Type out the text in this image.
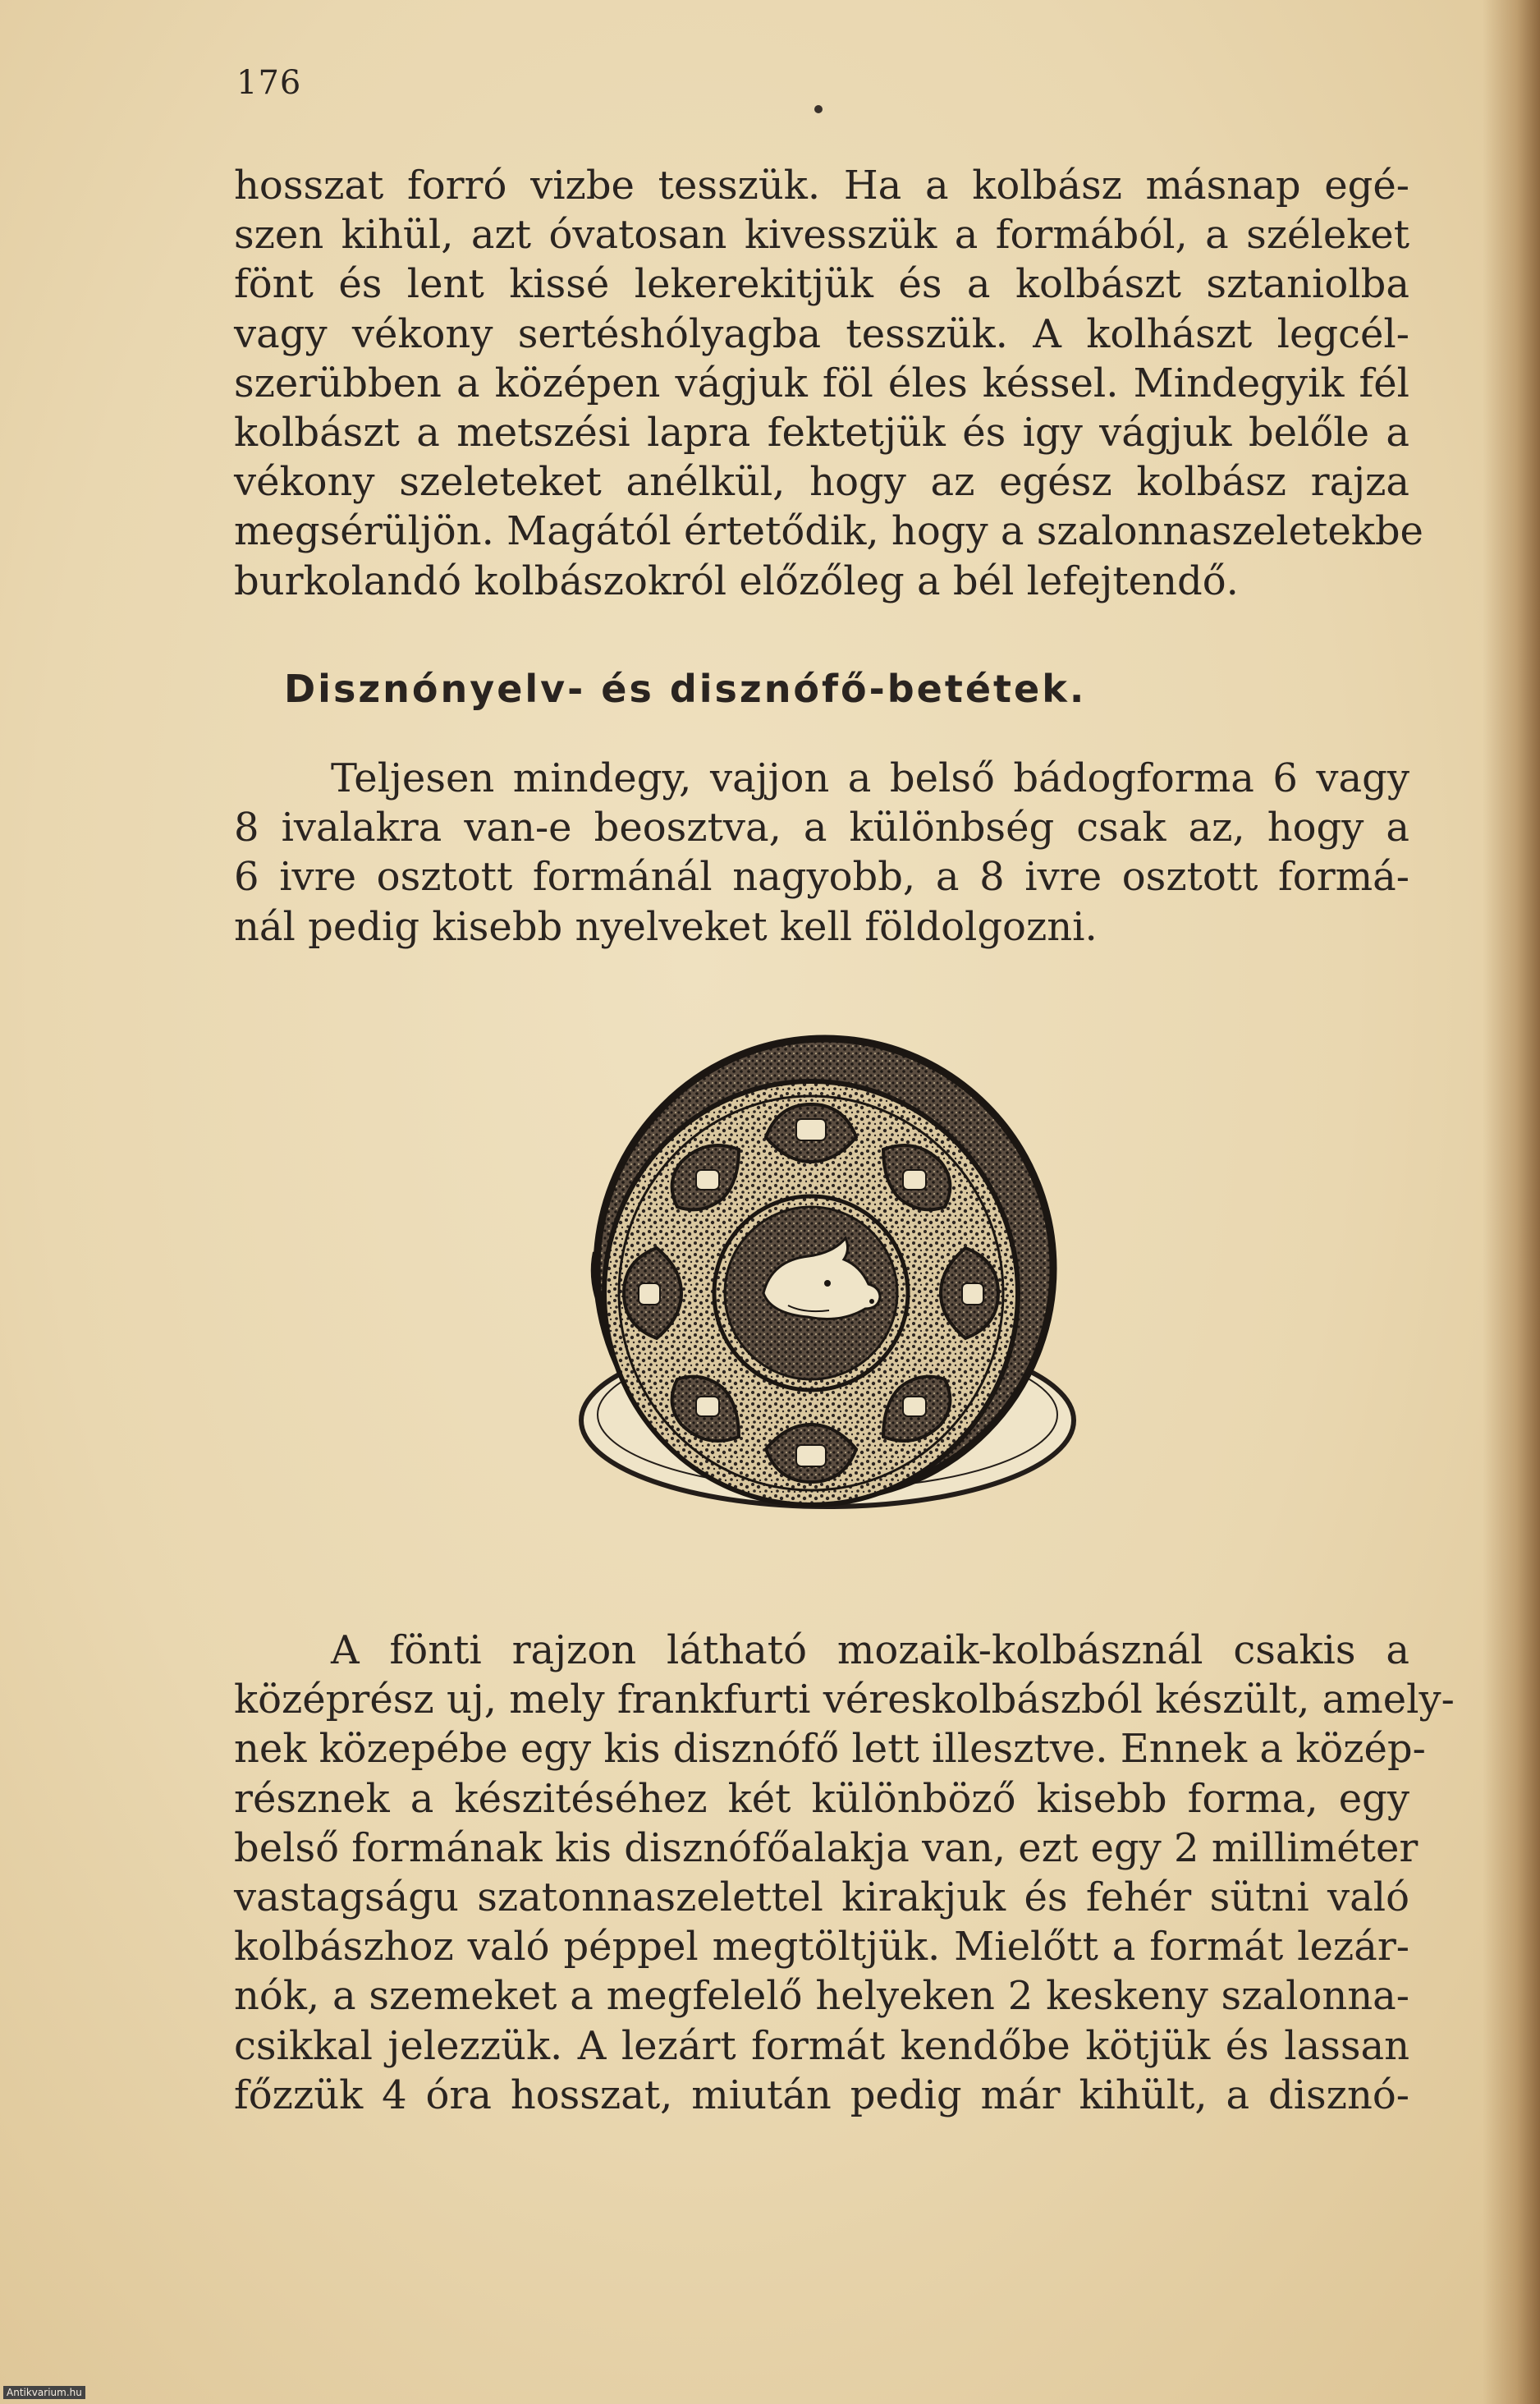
176
hosszat forró vizbe tesszük. Ha a kolbász másnap egé-
szen kihül, azt óvatosan kivesszük a formából, a széleket
fönt és lent kissé lekerekitjük és a kolbászt sztaniolba
vagy vékony sertéshólyagba tesszük. A kolhászt legcél-
szerübben a középen vágjuk föl éles késsel. Mindegyik fél
kolbászt a metszési lapra fektetjük és igy vágjuk belőle a
vékony szeleteket anélkül, hogy az egész kolbász rajza
megsérüljön. Magától értetődik, hogy a szalonnaszeletekbe
burkolandó kolbászokról előzőleg a bél lefejtendő.
Disznónyelv- és disznófő-betétek.
Teljesen mindegy, vajjon a belső bádogforma 6 vagy
8 ivalakra van-e beosztva, a különbség csak az, hogy a
6 ivre osztott formánál nagyobb, a 8 ivre osztott formá-
nál pedig kisebb nyelveket kell földolgozni.
A fönti rajzon látható mozaik-kolbásznál csakis a
középrész uj, mely frankfurti véreskolbászból készült, amely-
nek közepébe egy kis disznófő lett illesztve. Ennek a közép-
résznek a készitéséhez két különböző kisebb forma, egy
belső formának kis disznófőalakja van, ezt egy 2 milliméter
vastagságu szatonnaszelettel kirakjuk és fehér sütni való
kolbászhoz való péppel megtöltjük. Mielőtt a formát lezár-
nók, a szemeket a megfelelő helyeken 2 keskeny szalonna-
csikkal jelezzük. A lezárt formát kendőbe kötjük és lassan
főzzük 4 óra hosszat, miután pedig már kihült, a disznó-
Antikvarium.hu
